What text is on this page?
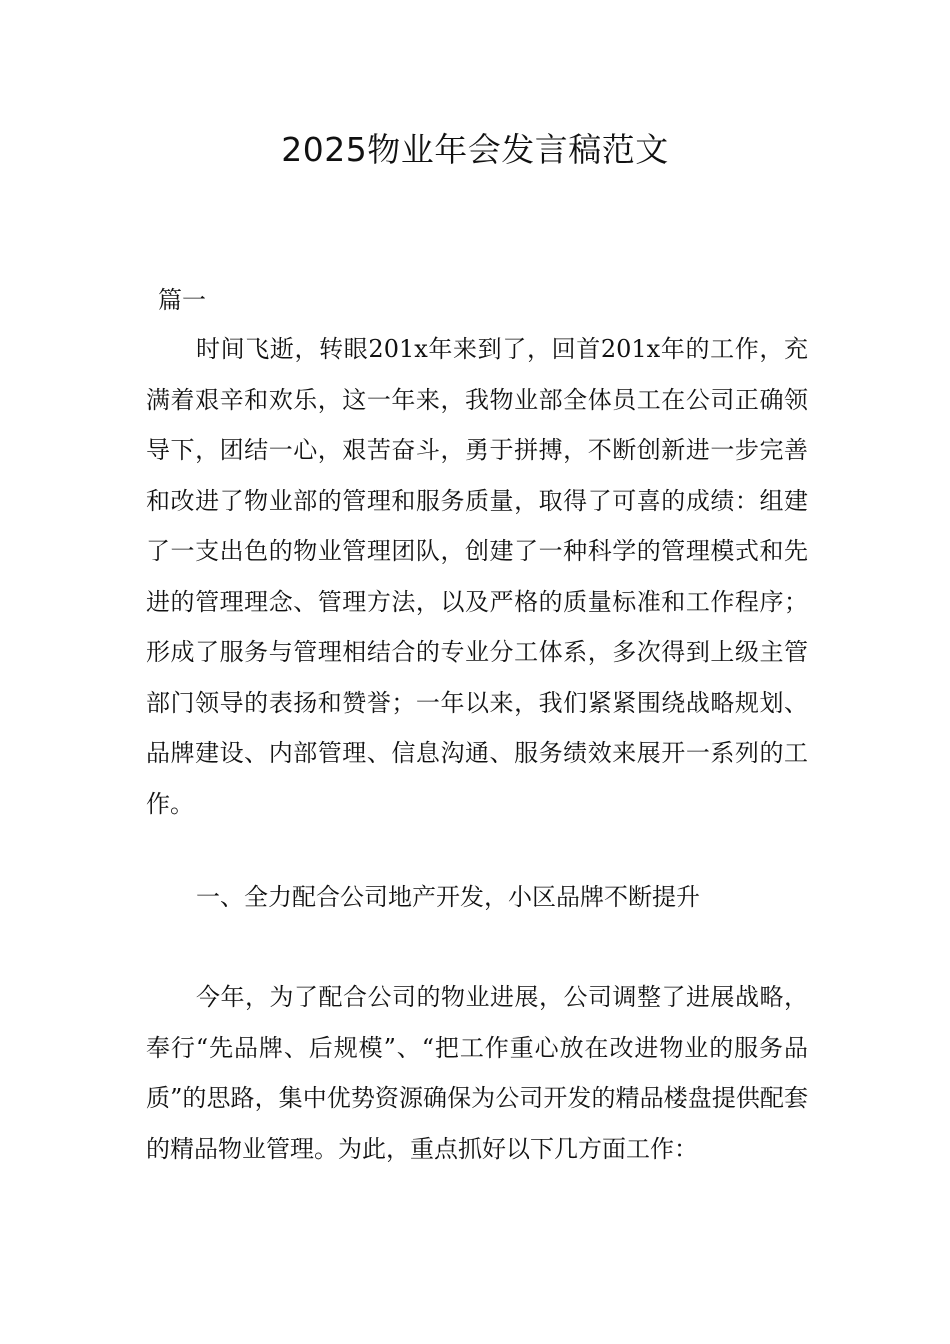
2025物业年会发言稿范文

篇一

时间飞逝，转眼201x年来到了，回首201x年的工作，充满着艰辛和欢乐，这一年来，我物业部全体员工在公司正确领导下，团结一心，艰苦奋斗，勇于拼搏，不断创新进一步完善和改进了物业部的管理和服务质量，取得了可喜的成绩：组建了一支出色的物业管理团队，创建了一种科学的管理模式和先进的管理理念、管理方法，以及严格的质量标准和工作程序；形成了服务与管理相结合的专业分工体系，多次得到上级主管部门领导的表扬和赞誉；一年以来，我们紧紧围绕战略规划、品牌建设、内部管理、信息沟通、服务绩效来展开一系列的工作。

一、全力配合公司地产开发，小区品牌不断提升

今年，为了配合公司的物业进展，公司调整了进展战略，奉行“先品牌、后规模”、“把工作重心放在改进物业的服务品质”的思路，集中优势资源确保为公司开发的精品楼盘提供配套的精品物业管理。为此，重点抓好以下几方面工作：
